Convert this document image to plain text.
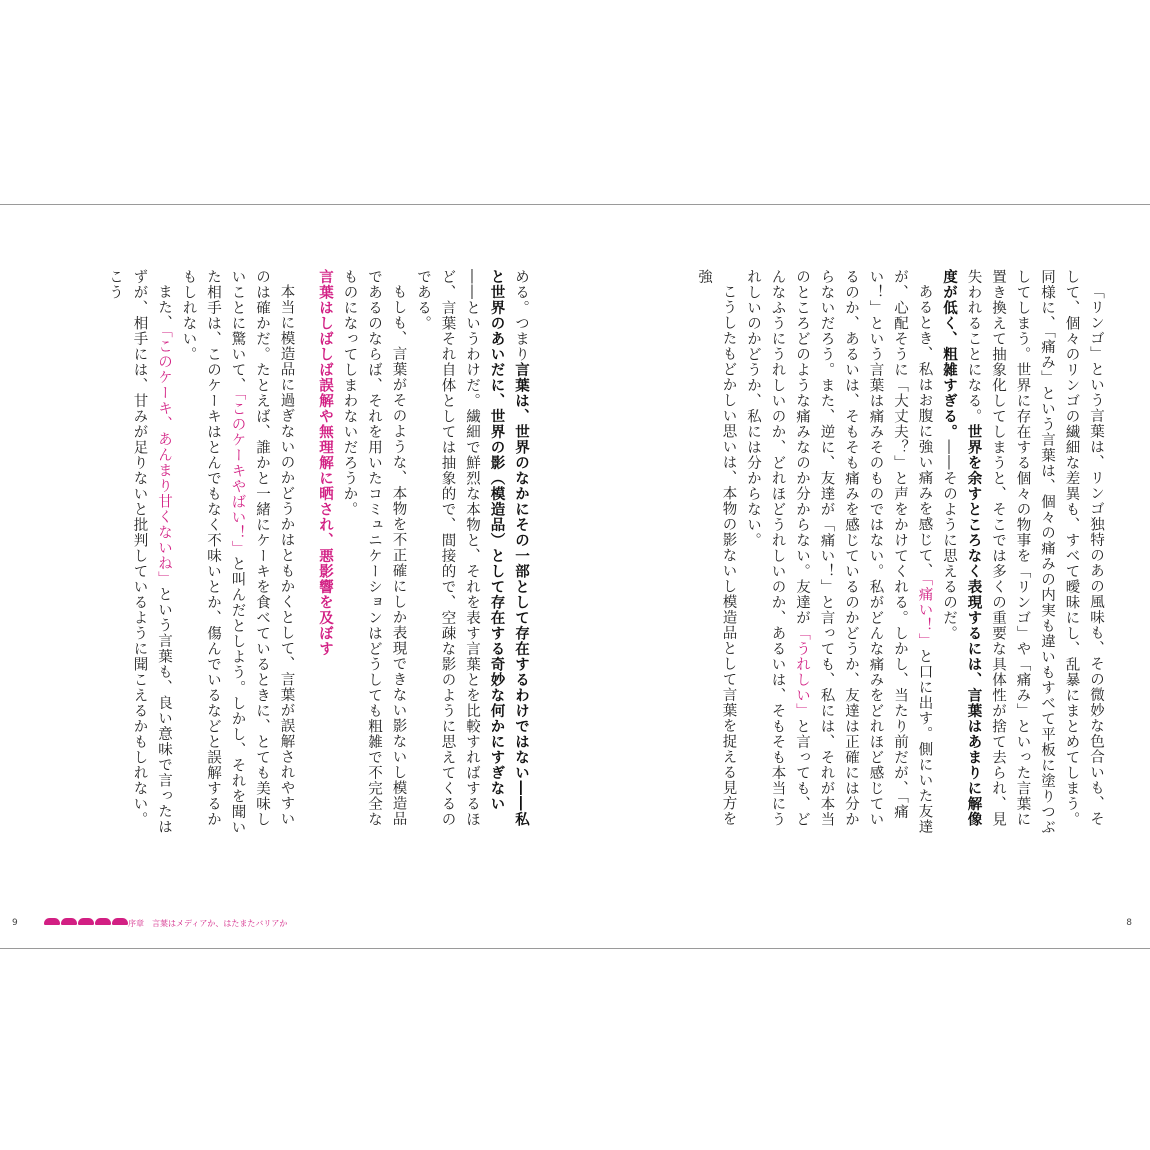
める。つまり言葉は、世界のなかにその一部として存在するわけではない――私と世界のあいだに、世界の影（模造品）として存在する奇妙な何かにすぎない――というわけだ。繊細で鮮烈な本物と、それを表す言葉とを比較すればするほど、言葉それ自体としては抽象的で、間接的で、空疎な影のように思えてくるのである。

もしも、言葉がそのような、本物を不正確にしか表現できない影ないし模造品であるのならば、それを用いたコミュニケーションはどうしても粗雑で不完全なものになってしまわないだろうか。

言葉はしばしば誤解や無理解に晒され、悪影響を及ぼす

本当に模造品に過ぎないのかどうかはともかくとして、言葉が誤解されやすいのは確かだ。たとえば、誰かと一緒にケーキを食べているときに、とても美味しいことに驚いて、「このケーキやばい！」と叫んだとしよう。しかし、それを聞いた相手は、このケーキはとんでもなく不味いとか、傷んでいるなどと誤解するかもしれない。

また、「このケーキ、あんまり甘くないね」という言葉も、良い意味で言ったはずが、相手には、甘みが足りないと批判しているように聞こえるかもしれない。こう

序章　言葉はメディアか、はたまたバリアか
9

「リンゴ」という言葉は、リンゴ独特のあの風味も、その微妙な色合いも、そして、個々のリンゴの繊細な差異も、すべて曖昧にし、乱暴にまとめてしまう。同様に、「痛み」という言葉は、個々の痛みの内実も違いもすべて平板に塗りつぶしてしまう。世界に存在する個々の物事を「リンゴ」や「痛み」といった言葉に置き換えて抽象化してしまうと、そこでは多くの重要な具体性が捨て去られ、見失われることになる。世界を余すところなく表現するには、言葉はあまりに解像度が低く、粗雑すぎる。――そのように思えるのだ。

あるとき、私はお腹に強い痛みを感じて、「痛い！」と口に出す。側にいた友達が、心配そうに「大丈夫？」と声をかけてくれる。しかし、当たり前だが、「痛い！」という言葉は痛みそのものではない。私がどんな痛みをどれほど感じているのか、あるいは、そもそも痛みを感じているのかどうか、友達は正確には分からないだろう。また、逆に、友達が「痛い！」と言っても、私には、それが本当のところどのような痛みなのか分からない。友達が「うれしい」と言っても、どんなふうにうれしいのか、どれほどうれしいのか、あるいは、そもそも本当にうれしいのかどうか、私には分からない。

こうしたもどかしい思いは、本物の影ないし模造品として言葉を捉える見方を強

8
